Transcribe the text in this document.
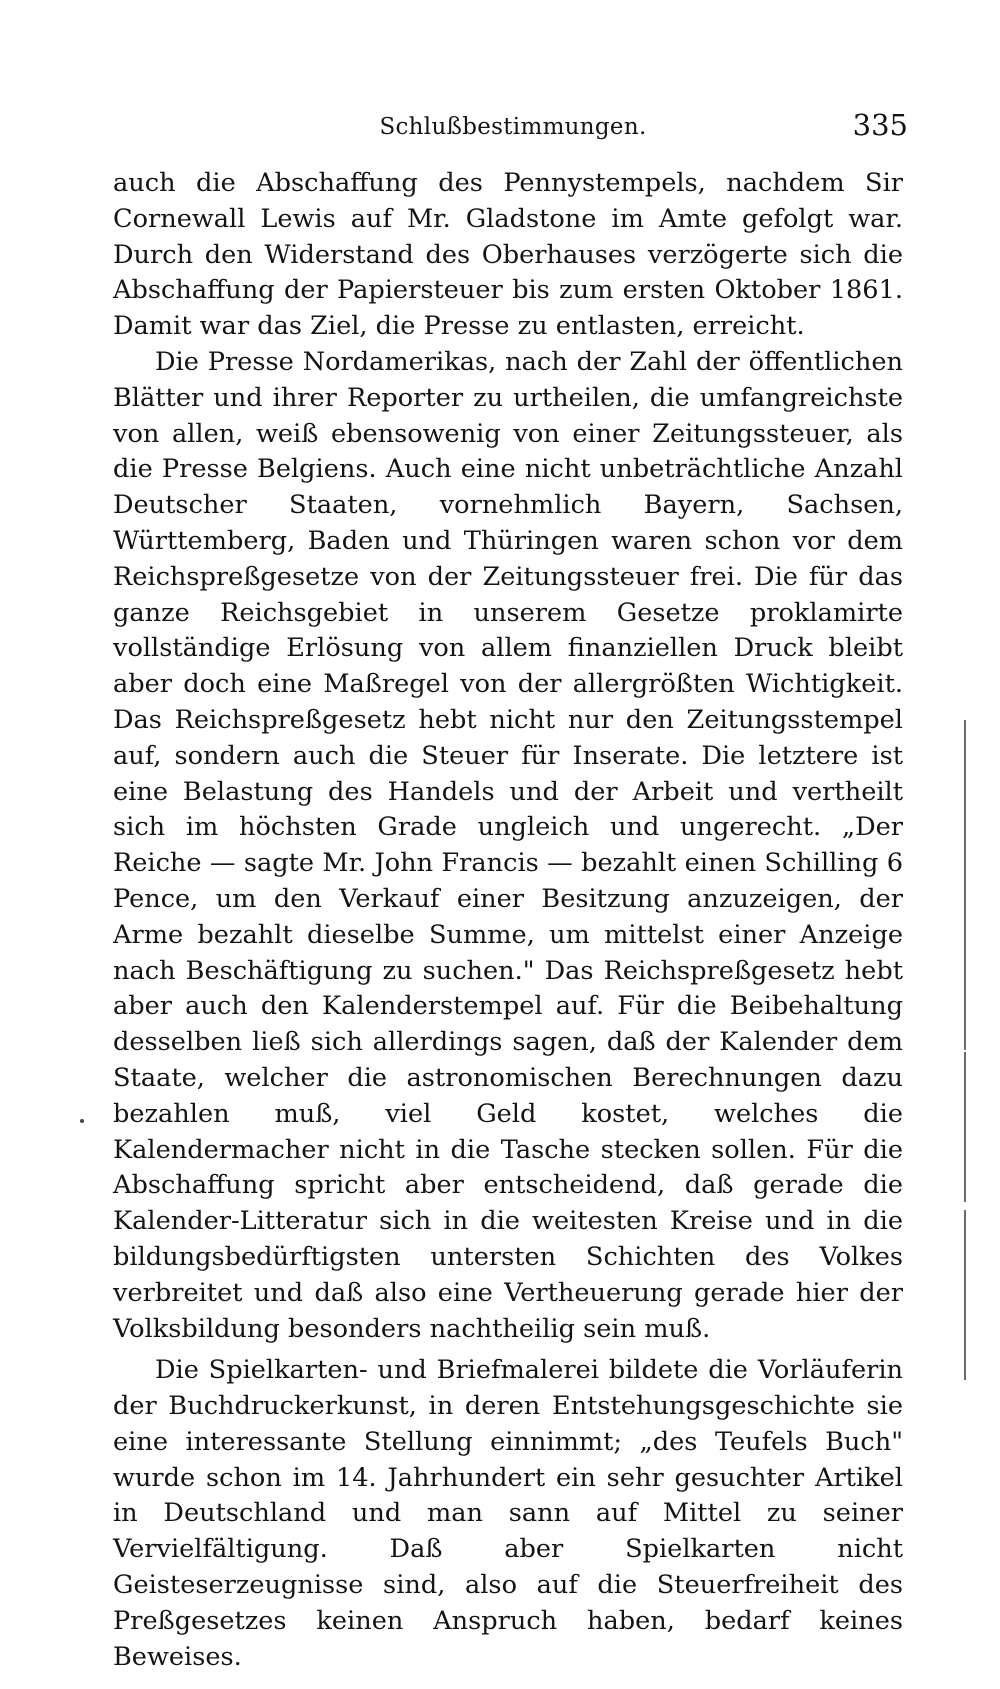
Schlußbestimmungen.	335

auch die Abschaffung des Pennystempels, nachdem Sir Cornewall Lewis auf Mr. Gladstone im Amte gefolgt war. Durch den Widerstand des Oberhauses verzögerte sich die Abschaffung der Papiersteuer bis zum ersten Oktober 1861. Damit war das Ziel, die Presse zu entlasten, erreicht.

Die Presse Nordamerikas, nach der Zahl der öffentlichen Blätter und ihrer Reporter zu urtheilen, die umfangreichste von allen, weiß ebensowenig von einer Zeitungssteuer, als die Presse Belgiens. Auch eine nicht unbeträchtliche Anzahl Deutscher Staaten, vornehmlich Bayern, Sachsen, Württemberg, Baden und Thüringen waren schon vor dem Reichspreßgesetze von der Zeitungssteuer frei. Die für das ganze Reichsgebiet in unserem Gesetze proklamirte vollständige Erlösung von allem finanziellen Druck bleibt aber doch eine Maßregel von der allergrößten Wichtigkeit. Das Reichspreßgesetz hebt nicht nur den Zeitungsstempel auf, sondern auch die Steuer für Inserate. Die letztere ist eine Belastung des Handels und der Arbeit und vertheilt sich im höchsten Grade ungleich und ungerecht. „Der Reiche — sagte Mr. John Francis — bezahlt einen Schilling 6 Pence, um den Verkauf einer Besitzung anzuzeigen, der Arme bezahlt dieselbe Summe, um mittelst einer Anzeige nach Beschäftigung zu suchen." Das Reichspreßgesetz hebt aber auch den Kalenderstempel auf. Für die Beibehaltung desselben ließ sich allerdings sagen, daß der Kalender dem Staate, welcher die astronomischen Berechnungen dazu bezahlen muß, viel Geld kostet, welches die Kalendermacher nicht in die Tasche stecken sollen. Für die Abschaffung spricht aber entscheidend, daß gerade die Kalender-Litteratur sich in die weitesten Kreise und in die bildungsbedürftigsten untersten Schichten des Volkes verbreitet und daß also eine Vertheuerung gerade hier der Volksbildung besonders nachtheilig sein muß.

Die Spielkarten- und Briefmalerei bildete die Vorläuferin der Buchdruckerkunst, in deren Entstehungsgeschichte sie eine interessante Stellung einnimmt; „des Teufels Buch" wurde schon im 14. Jahrhundert ein sehr gesuchter Artikel in Deutschland und man sann auf Mittel zu seiner Vervielfältigung. Daß aber Spielkarten nicht Geisteserzeugnisse sind, also auf die Steuerfreiheit des Preßgesetzes keinen Anspruch haben, bedarf keines Beweises.
